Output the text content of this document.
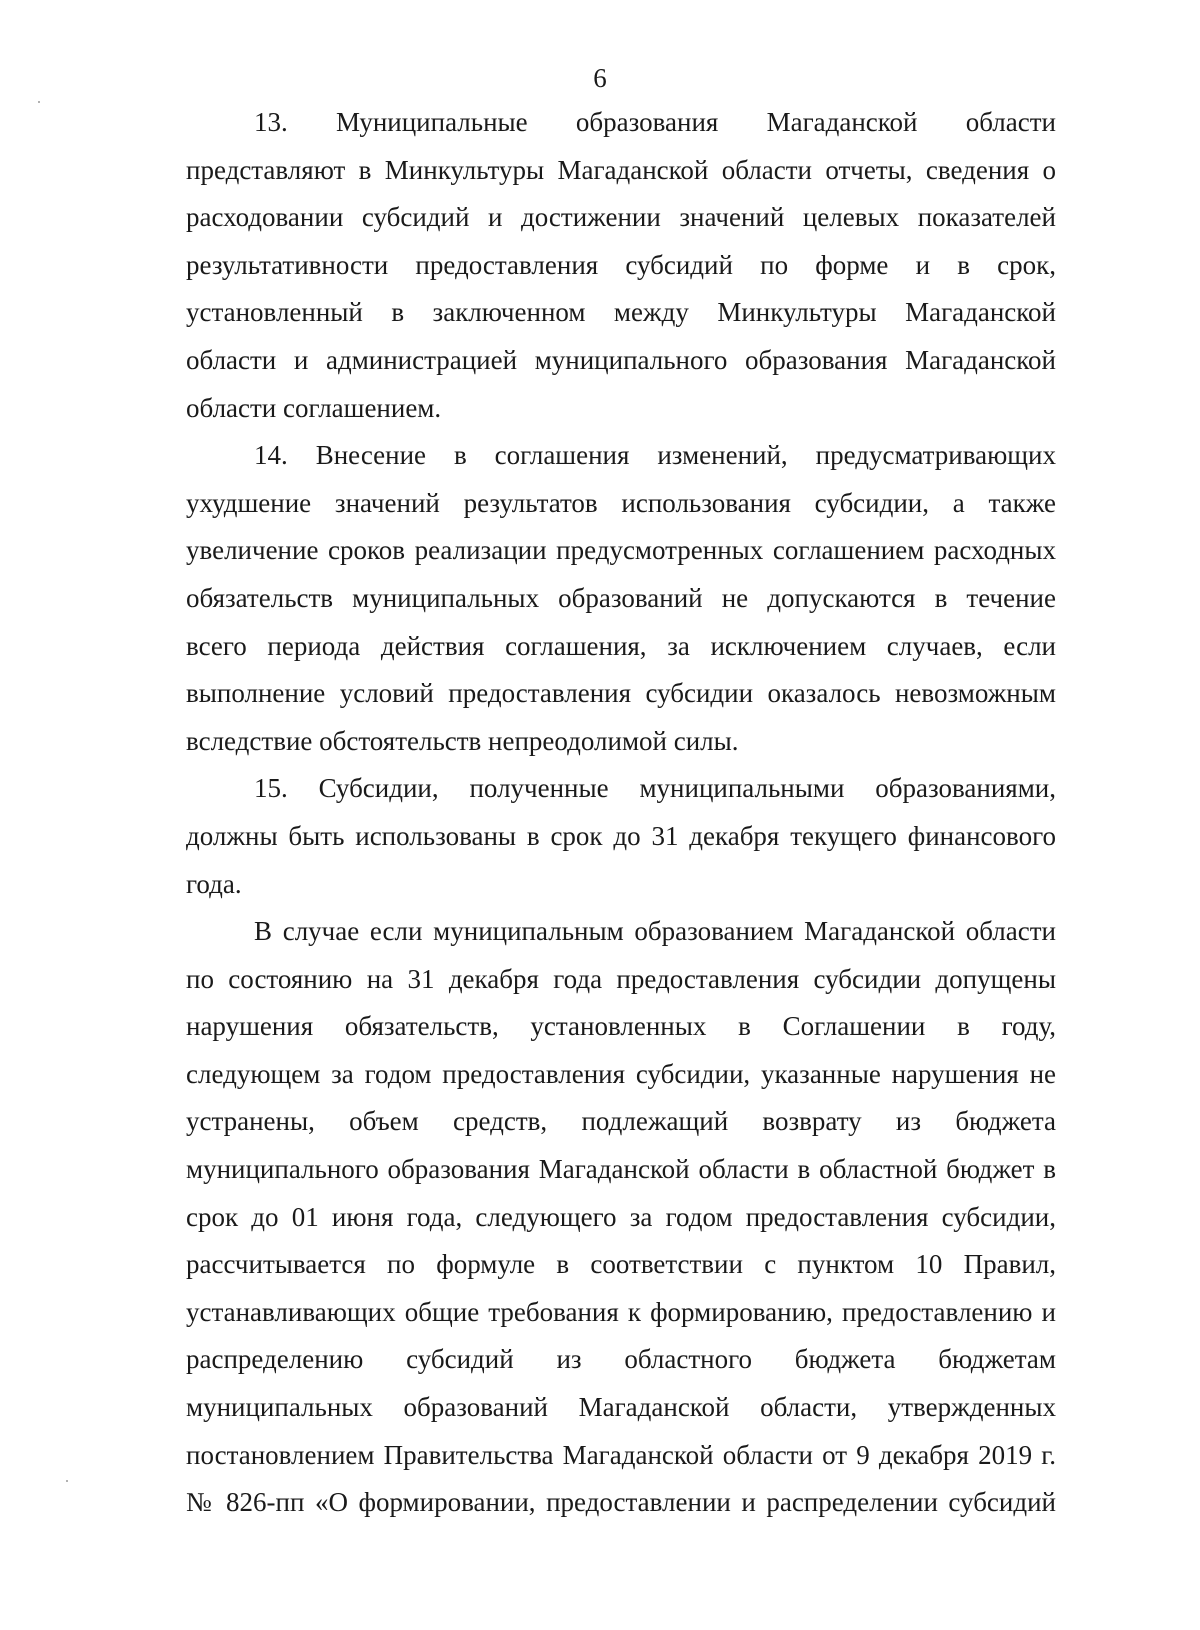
6
13. Муниципальные образования Магаданской области
представляют в Минкультуры Магаданской области отчеты, сведения о
расходовании субсидий и достижении значений целевых показателей
результативности предоставления субсидий по форме и в срок,
установленный в заключенном между Минкультуры Магаданской
области и администрацией муниципального образования Магаданской
области соглашением.
14. Внесение в соглашения изменений, предусматривающих
ухудшение значений результатов использования субсидии, а также
увеличение сроков реализации предусмотренных соглашением расходных
обязательств муниципальных образований не допускаются в течение
всего периода действия соглашения, за исключением случаев, если
выполнение условий предоставления субсидии оказалось невозможным
вследствие обстоятельств непреодолимой силы.
15. Субсидии, полученные муниципальными образованиями,
должны быть использованы в срок до 31 декабря текущего финансового
года.
В случае если муниципальным образованием Магаданской области
по состоянию на 31 декабря года предоставления субсидии допущены
нарушения обязательств, установленных в Соглашении в году,
следующем за годом предоставления субсидии, указанные нарушения не
устранены, объем средств, подлежащий возврату из бюджета
муниципального образования Магаданской области в областной бюджет в
срок до 01 июня года, следующего за годом предоставления субсидии,
рассчитывается по формуле в соответствии с пунктом 10 Правил,
устанавливающих общие требования к формированию, предоставлению и
распределению субсидий из областного бюджета бюджетам
муниципальных образований Магаданской области, утвержденных
постановлением Правительства Магаданской области от 9 декабря 2019 г.
№ 826-пп «О формировании, предоставлении и распределении субсидий
